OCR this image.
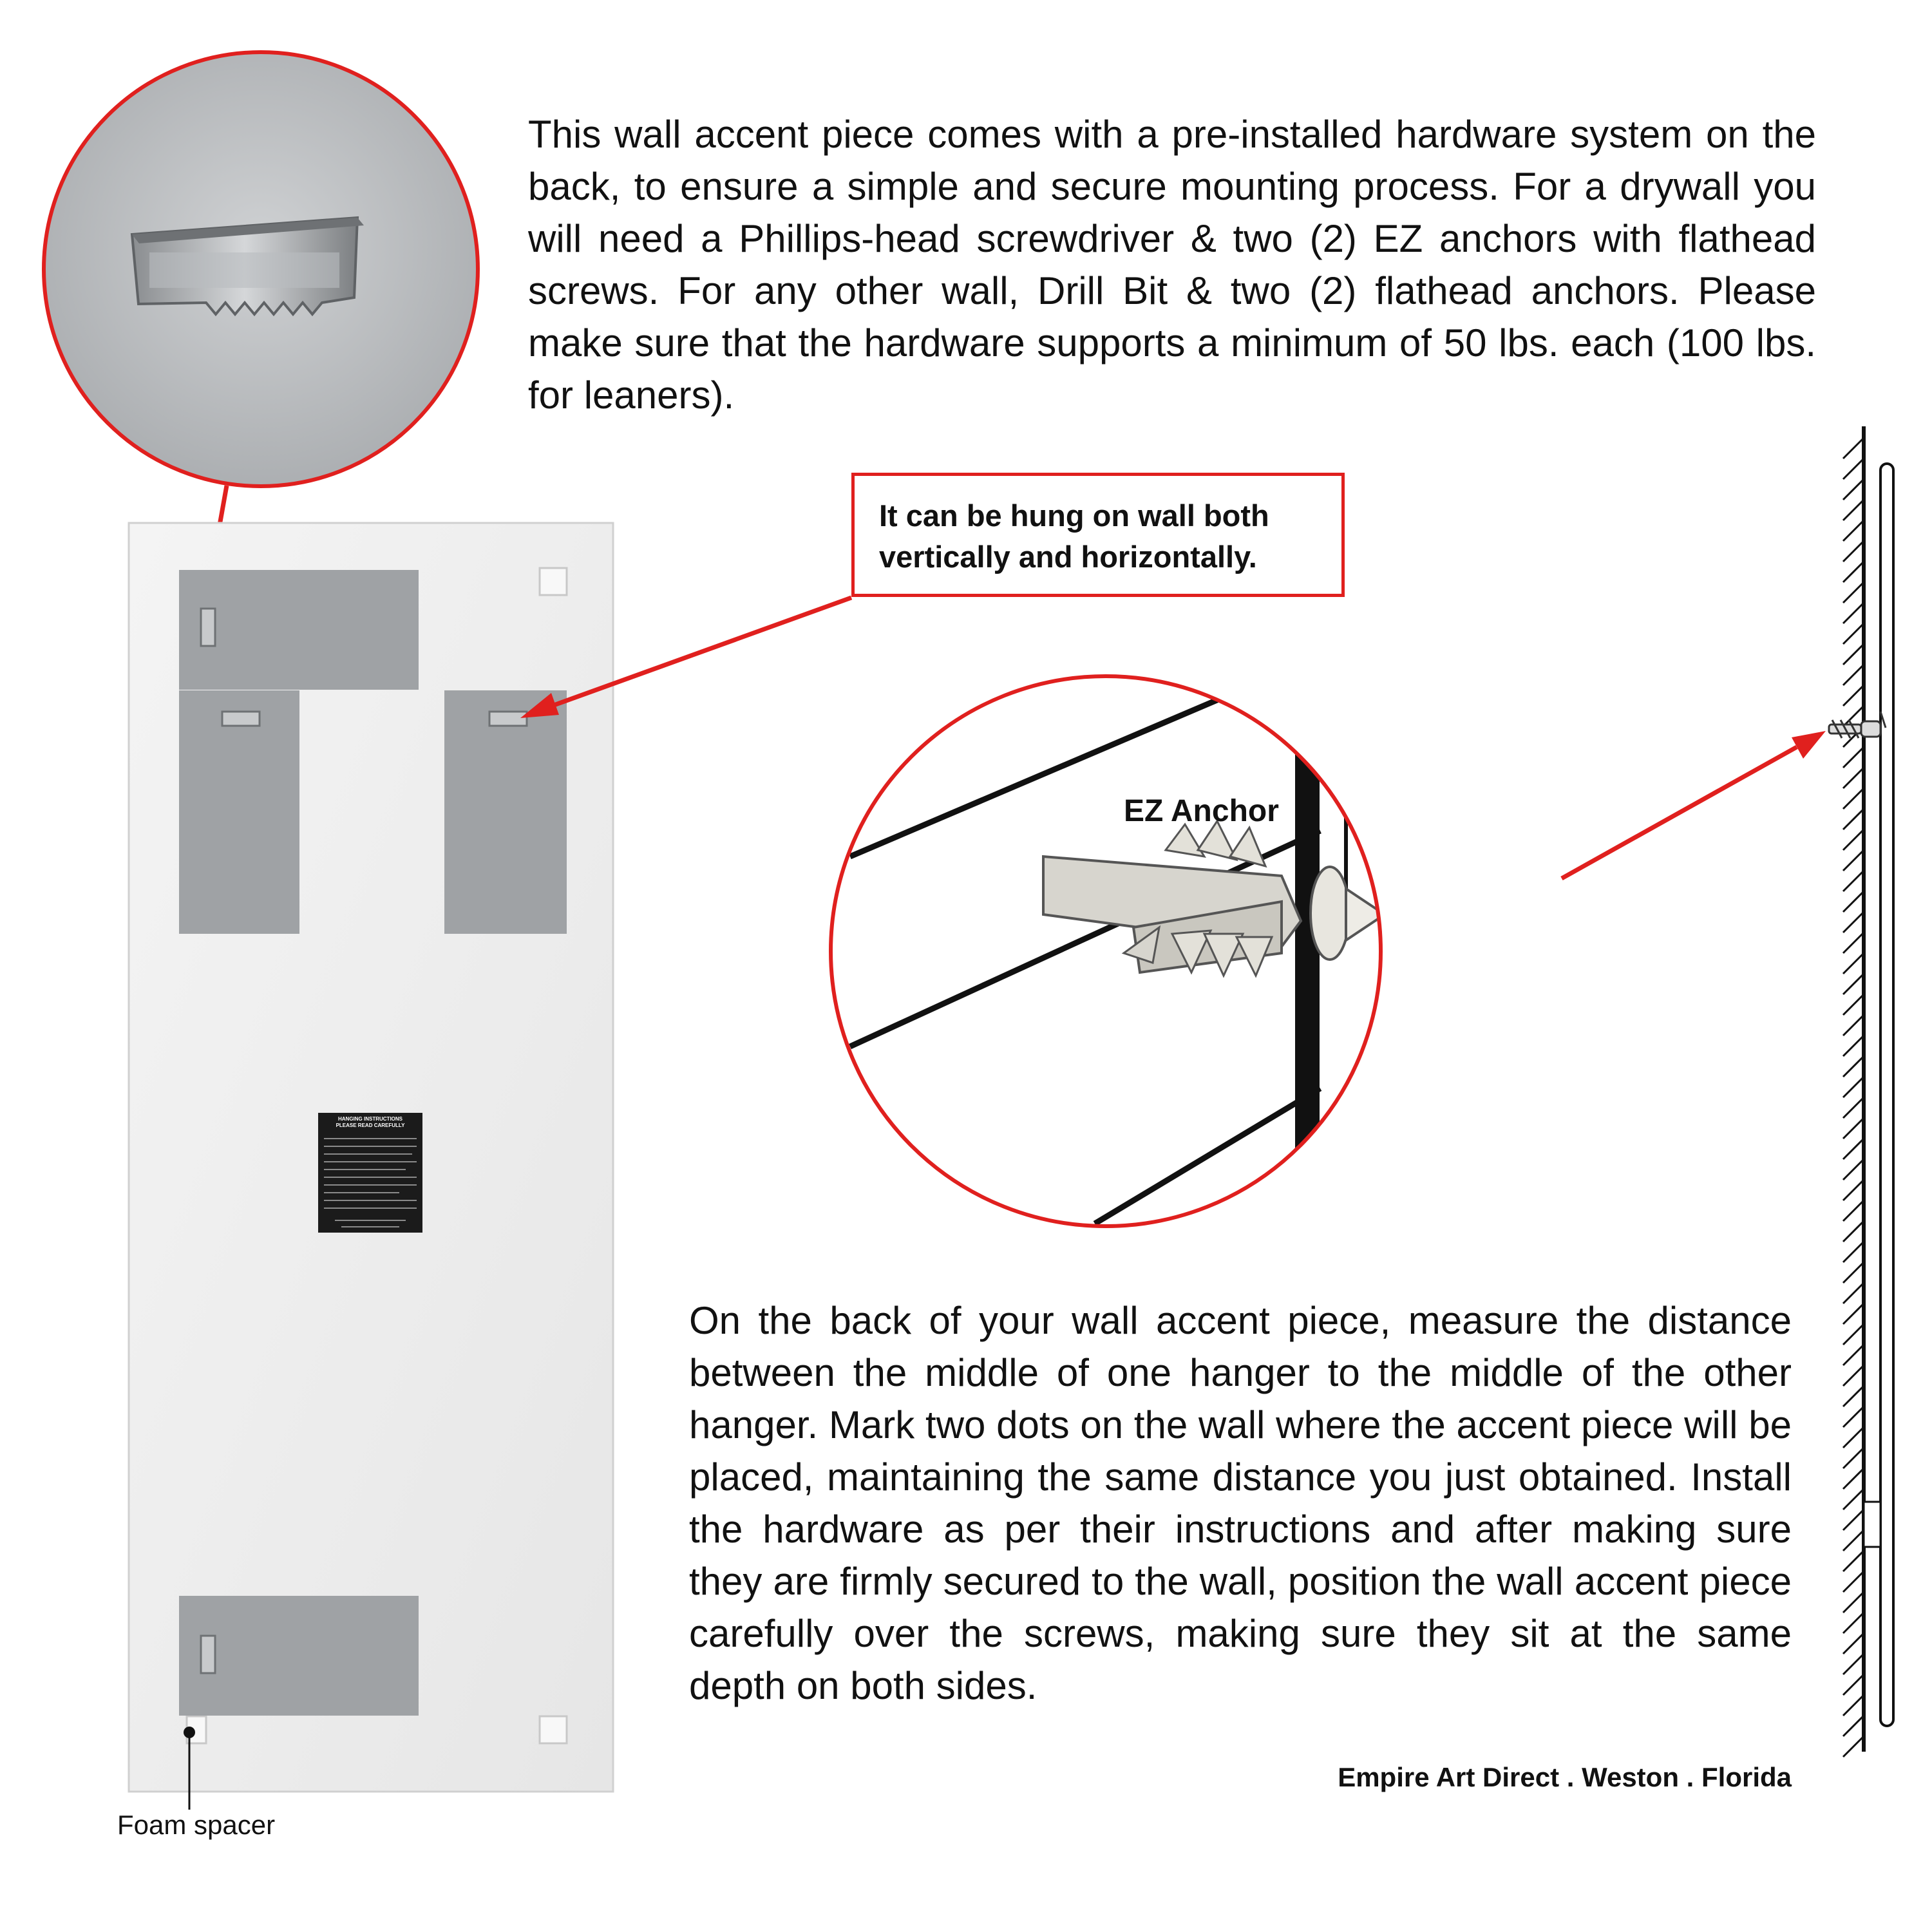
HANGING INSTRUCTIONS
PLEASE READ CAREFULLY
This wall accent piece comes with a pre-installed hardware system on the back, to ensure a simple and secure mounting process. For a drywall you will need a Phillips-head screwdriver & two (2) EZ anchors with flathead screws. For any other wall, Drill Bit & two (2) flathead anchors. Please make sure that the hardware supports a minimum of 50 lbs. each (100 lbs. for leaners).
It can be hung on wall both
vertically and horizontally.
EZ Anchor
On the back of your wall accent piece, measure the distance between the middle of one hanger to the middle of the other hanger. Mark two dots on the wall where the accent piece will be placed, maintaining the same distance you just obtained. Install the hardware as per their instructions and after making sure they are firmly secured to the wall, position the wall accent piece carefully over the screws, making sure they sit at the same depth on both sides.
Empire Art Direct . Weston . Florida
Foam spacer
